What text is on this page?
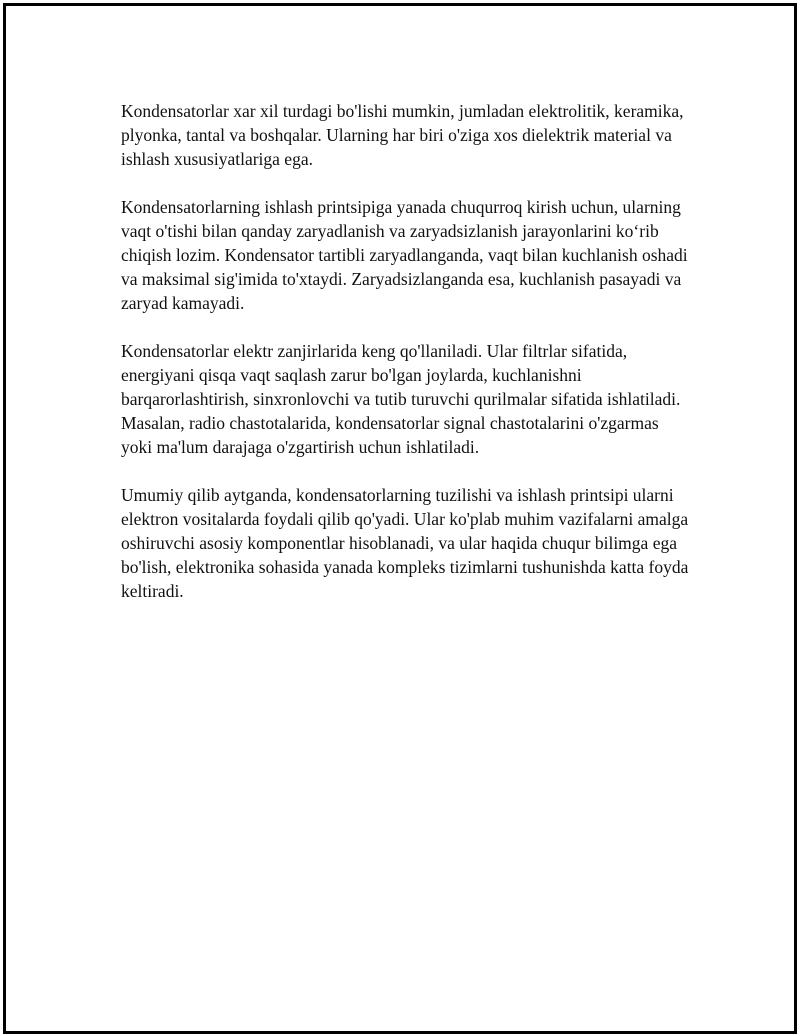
Kondensatorlar xar xil turdagi bo'lishi mumkin, jumladan elektrolitik, keramika, plyonka, tantal va boshqalar. Ularning har biri o'ziga xos dielektrik material va ishlash xususiyatlariga ega.

Kondensatorlarning ishlash printsipiga yanada chuqurroq kirish uchun, ularning vaqt o'tishi bilan qanday zaryadlanish va zaryadsizlanish jarayonlarini ko‘rib chiqish lozim. Kondensator tartibli zaryadlanganda, vaqt bilan kuchlanish oshadi va maksimal sig'imida to'xtaydi. Zaryadsizlanganda esa, kuchlanish pasayadi va zaryad kamayadi.

Kondensatorlar elektr zanjirlarida keng qo'llaniladi. Ular filtrlar sifatida, energiyani qisqa vaqt saqlash zarur bo'lgan joylarda, kuchlanishni barqarorlashtirish, sinxronlovchi va tutib turuvchi qurilmalar sifatida ishlatiladi. Masalan, radio chastotalarida, kondensatorlar signal chastotalarini o'zgarmas yoki ma'lum darajaga o'zgartirish uchun ishlatiladi.

Umumiy qilib aytganda, kondensatorlarning tuzilishi va ishlash printsipi ularni elektron vositalarda foydali qilib qo'yadi. Ular ko'plab muhim vazifalarni amalga oshiruvchi asosiy komponentlar hisoblanadi, va ular haqida chuqur bilimga ega bo'lish, elektronika sohasida yanada kompleks tizimlarni tushunishda katta foyda keltiradi.
